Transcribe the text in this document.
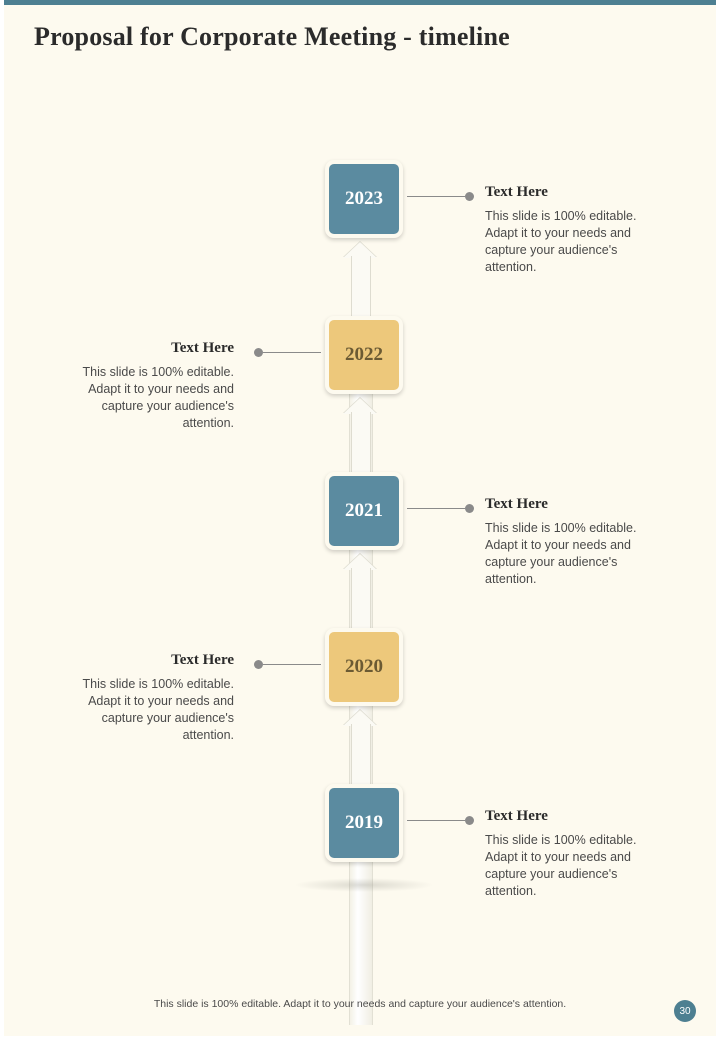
Proposal for Corporate Meeting - timeline
2023	Text Here
This slide is 100% editable. Adapt it to your needs and capture your audience's attention.
2022
Text Here
This slide is 100% editable. Adapt it to your needs and capture your audience's attention.
2021	Text Here
This slide is 100% editable. Adapt it to your needs and capture your audience's attention.
2020
Text Here
This slide is 100% editable. Adapt it to your needs and capture your audience's attention.
2019	Text Here
This slide is 100% editable. Adapt it to your needs and capture your audience's attention.
This slide is 100% editable. Adapt it to your needs and capture your audience's attention.
30
